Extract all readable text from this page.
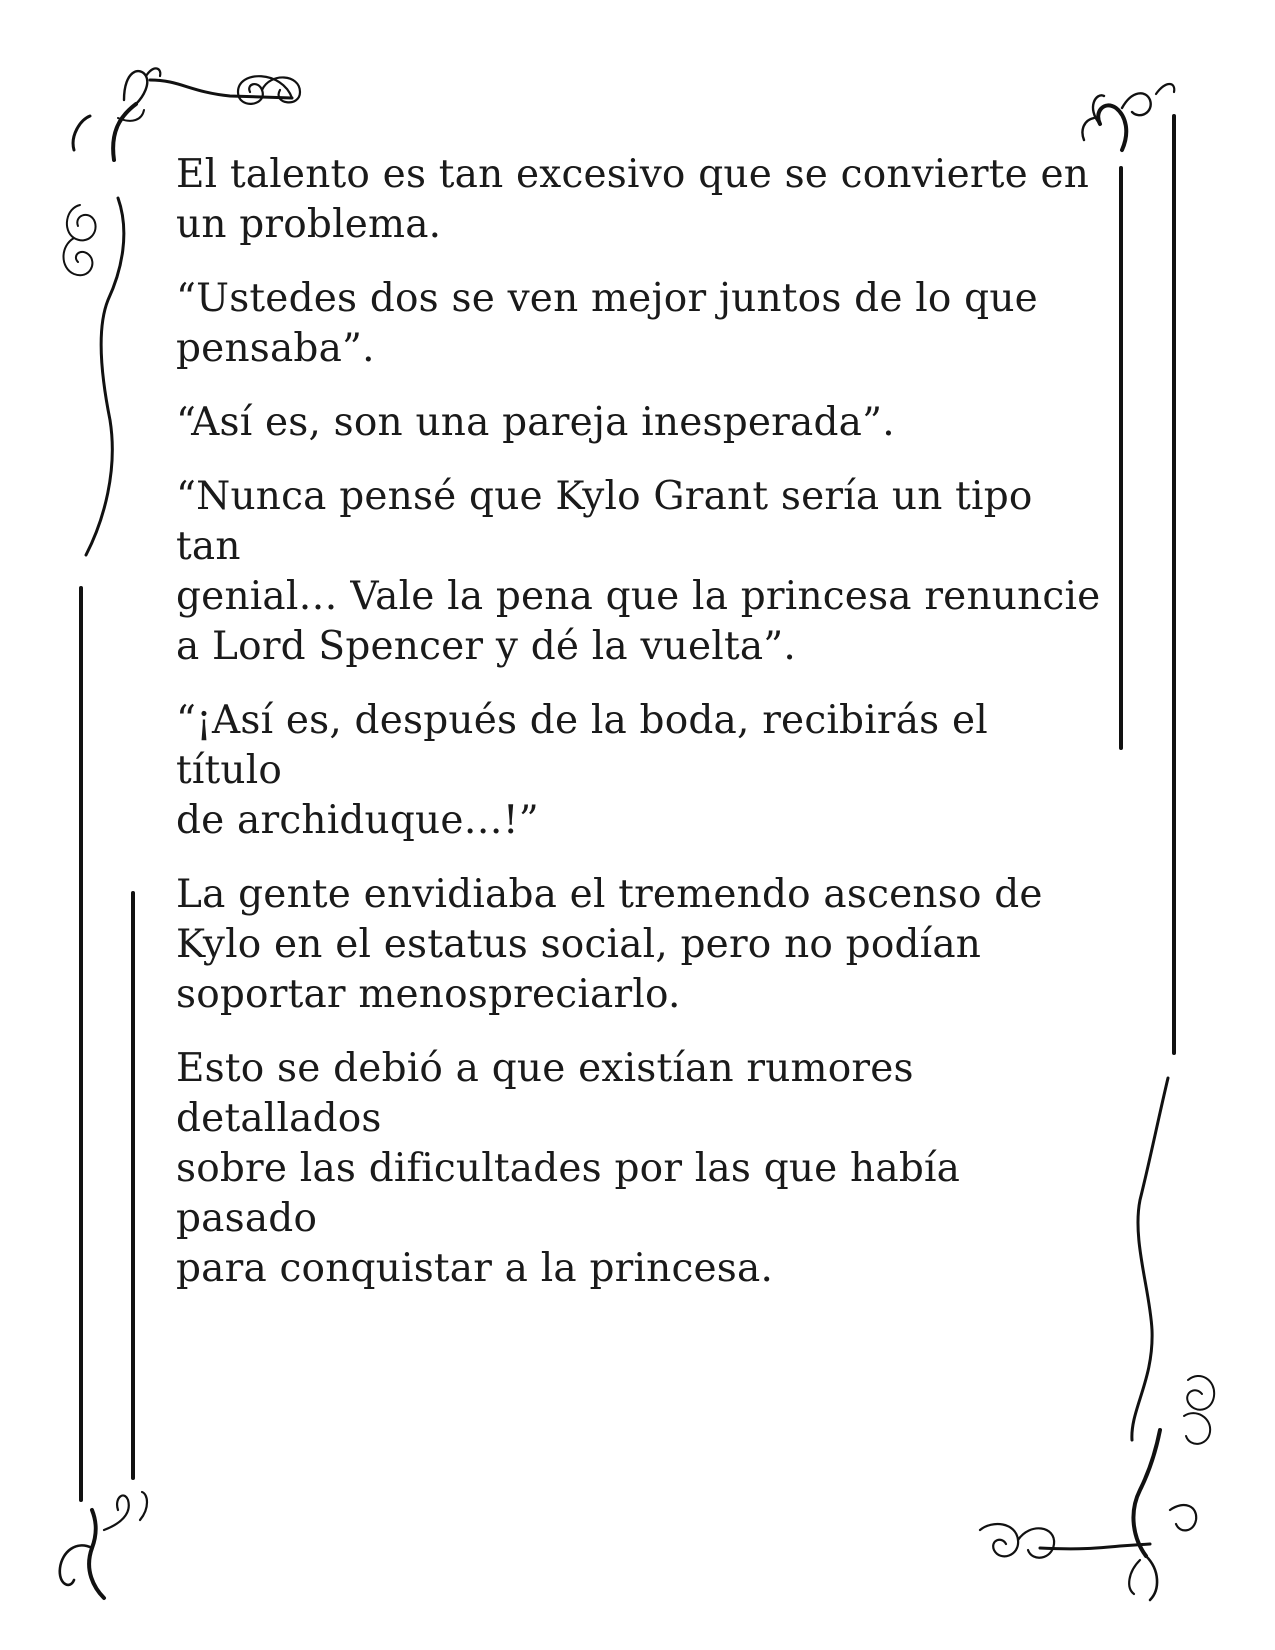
El talento es tan excesivo que se convierte en
un problema.

“Ustedes dos se ven mejor juntos de lo que
pensaba”.

“Así es, son una pareja inesperada”.

“Nunca pensé que Kylo Grant sería un tipo tan
genial… Vale la pena que la princesa renuncie
a Lord Spencer y dé la vuelta”.

“¡Así es, después de la boda, recibirás el título
de archiduque…!”

La gente envidiaba el tremendo ascenso de
Kylo en el estatus social, pero no podían
soportar menospreciarlo.

Esto se debió a que existían rumores detallados
sobre las dificultades por las que había pasado
para conquistar a la princesa.
